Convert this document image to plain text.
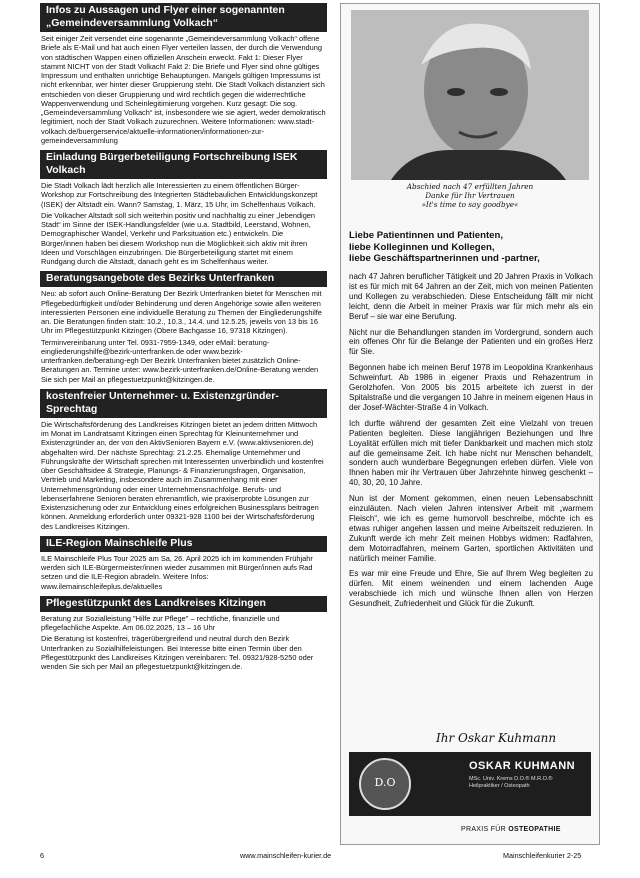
Infos zu Aussagen und Flyer einer sogenannten „Gemeindeversammlung Volkach“

Seit einiger Zeit versendet eine sogenannte „Gemeindeversammlung Volkach“ offene Briefe als E-Mail und hat auch einen Flyer verteilen lassen, der durch die Verwendung von städtischen Wappen einen offiziellen Anschein erweckt. Fakt 1: Dieser Flyer stammt NICHT von der Stadt Volkach! Fakt 2: Die Briefe und Flyer sind ohne gültiges Impressum und enthalten unrichtige Behauptungen. Mangels gültigen Impressums ist nicht erkennbar, wer hinter dieser Gruppierung steht. Die Stadt Volkach distanziert sich entschieden von dieser Gruppierung und wird rechtlich gegen die widerrechtliche Wappenverwendung und Scheinlegitimierung vorgehen. Kurz gesagt: Die sog. „Gemeindeversammlung Volkach“ ist, insbesondere wie sie agiert, weder demokratisch legitimiert, noch der Stadt Volkach zuzurechnen. Weitere Informationen: www.stadt-volkach.de/buergerservice/aktuelle-informationen/informationen-zur-gemeindeversammlung

Einladung Bürgerbeteiligung Fortschreibung ISEK Volkach

Die Stadt Volkach lädt herzlich alle Interessierten zu einem öffentlichen Bürger-Workshop zur Fortschreibung des Integrierten Städtebaulichen Entwicklungskonzept (ISEK) der Altstadt ein. Wann? Samstag, 1. März, 15 Uhr, im Schelfenhaus Volkach.

Die Volkacher Altstadt soll sich weiterhin positiv und nachhaltig zu einer „lebendigen Stadt“ im Sinne der ISEK-Handlungsfelder (wie u.a. Stadtbild, Leerstand, Wohnen, Demographischer Wandel, Verkehr und Parksituation etc.) entwickeln. Die Bürger/innen haben bei diesem Workshop nun die Möglichkeit sich aktiv mit ihren Ideen und Vorschlägen einzubringen. Die Bürgerbeteiligung startet mit einem Rundgang durch die Altstadt, danach geht es im Schelfenhaus weiter.

Beratungsangebote des Bezirks Unterfranken

Neu: ab sofort auch Online-Beratung Der Bezirk Unterfranken bietet für Menschen mit Pflegebedürftigkeit und/oder Behinderung und deren Angehörige sowie allen weiteren interessierten Personen eine individuelle Beratung zu Themen der Eingliederungshilfe an. Die Beratungen finden statt: 10.2., 10.3., 14.4. und 12.5.25, jeweils von 13 bis 16 Uhr im Pflegestützpunkt Kitzingen (Obere Bachgasse 16, 97318 Kitzingen).

Terminvereinbarung unter Tel. 0931-7959-1349, oder eMail: beratung-eingliederungshilfe@bezirk-unterfranken.de oder www.bezirk-unterfranken.de/beratung-egh Der Bezirk Unterfranken bietet zusätzlich Online-Beratungen an. Termine unter: www.bezirk-unterfranken.de/Online-Beratung wenden Sie sich per Mail an pflegestuetzpunkt@kitzingen.de.

kostenfreier Unternehmer- u. Existenzgründer-Sprechtag

Die Wirtschaftsförderung des Landkreises Kitzingen bietet an jedem dritten Mittwoch im Monat im Landratsamt Kitzingen einen Sprechtag für Kleinunternehmer und Existenzgründer an, der von den AktivSenioren Bayern e.V. (www.aktivsenioren.de) abgehalten wird. Der nächste Sprechtag: 21.2.25. Ehemalige Unternehmer und Führungskräfte der Wirtschaft sprechen mit Interessenten unverbindlich und kostenfrei über Geschäftsidee & Strategie, Planungs- & Finanzierungsfragen, Organisation, Vertrieb und Marketing, insbesondere auch im Zusammenhang mit einer Unternehmensgründung oder einer Unternehmensnachfolge. Berufs- und lebenserfahrene Senioren beraten ehrenamtlich, wie praxiserprobte Lösungen zur Existenzsicherung oder zur Entwicklung eines erfolgreichen Businessplans beitragen können. Anmeldung erforderlich unter 09321-928 1100 bei der Wirtschaftsförderung des Landkreises Kitzingen.

ILE-Region Mainschleife Plus

ILE Mainschleife Plus Tour 2025 am Sa, 26. April 2025 ich im kommenden Frühjahr werden sich ILE-Bürgermeister/innen wieder zusammen mit Bürger/innen aufs Rad setzen und die ILE-Region abradeln. Weitere Infos: www.ilemainschleifeplus.de/aktuelles

Pflegestützpunkt des Landkreises Kitzingen

Beratung zur Sozialleistung "Hilfe zur Pflege" – rechtliche, finanzielle und pflegefachliche Aspekte. Am 06.02.2025, 13 – 16 Uhr

Die Beratung ist kostenfrei, trägerübergreifend und neutral durch den Bezirk Unterfranken zu Sozialhilfeleistungen. Bei Interesse bitte einen Termin über den Pflegestützpunkt des Landkreises Kitzingen vereinbaren: Tel. 09321/928-5250 oder wenden Sie sich per Mail an pflegestuetzpunkt@kitzingen.de.

Abschied nach 47 erfüllten Jahren
Danke für Ihr Vertrauen
»It's time to say goodbye«
Liebe Patientinnen und Patienten,
liebe Kolleginnen und Kollegen,
liebe Geschäftspartnerinnen und -partner,

nach 47 Jahren beruflicher Tätigkeit und 20 Jahren Praxis in Volkach ist es für mich mit 64 Jahren an der Zeit, mich von meinen Patienten und Kollegen zu verabschieden. Diese Entscheidung fällt mir nicht leicht, denn die Arbeit in meiner Praxis war für mich mehr als ein Beruf – sie war eine Berufung.

Nicht nur die Behandlungen standen im Vordergrund, sondern auch ein offenes Ohr für die Belange der Patienten und ein großes Herz für Sie.

Begonnen habe ich meinen Beruf 1978 im Leopoldina Krankenhaus Schweinfurt. Ab 1986 in eigener Praxis und Rehazentrum in Gerolzhofen. Von 2005 bis 2015 arbeitete ich zuerst in der Spitalstraße und die vergangen 10 Jahre in meinem eigenen Haus in der Josef-Wächter-Straße 4 in Volkach.

Ich durfte während der gesamten Zeit eine Vielzahl von treuen Patienten begleiten. Diese langjährigen Beziehungen und Ihre Loyalität erfüllen mich mit tiefer Dankbarkeit und machen mich stolz auf die gemeinsame Zeit. Ich habe nicht nur Menschen behandelt, sondern auch wunderbare Begegnungen erleben dürfen. Viele von Ihnen haben mir ihr Vertrauen über Jahrzehnte hinweg geschenkt – 40, 30, 20, 10 Jahre.

Nun ist der Moment gekommen, einen neuen Lebensabschnitt einzuläuten. Nach vielen Jahren intensiver Arbeit mit „warmem Fleisch“, wie ich es gerne humorvoll beschreibe, möchte ich es etwas ruhiger angehen lassen und meine Arbeitszeit reduzieren. In Zukunft werde ich mehr Zeit meinen Hobbys widmen: Radfahren, dem Motorradfahren, meinem Garten, sportlichen Aktivitäten und natürlich meiner Familie.

Es war mir eine Freude und Ehre, Sie auf Ihrem Weg begleiten zu dürfen. Mit einem weinenden und einem lachenden Auge verabschiede ich mich und wünsche Ihnen allen von Herzen Gesundheit, Zufriedenheit und Glück für die Zukunft.

Ihr Oskar Kuhmann
D.O
OSKAR KUHMANN
MSc. Univ. Krems D.O.® M.R.O.®
Heilpraktiker / Osteopath
PRAXIS FÜR OSTEOPATHIE
6	www.mainschleifen-kurier.de	Mainschleifenkurier 2-25
